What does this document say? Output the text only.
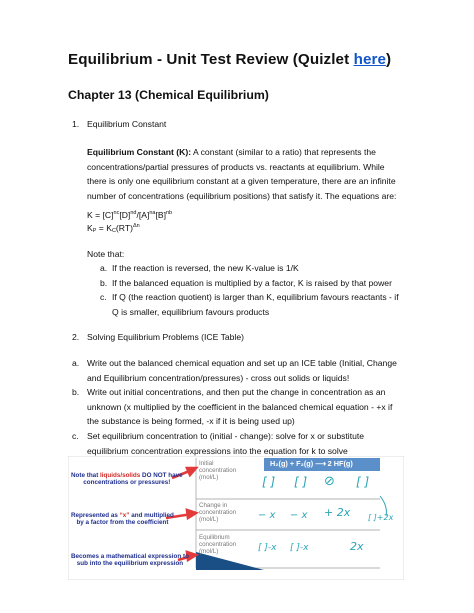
Equilibrium - Unit Test Review (Quizlet here)
Chapter 13 (Chemical Equilibrium)
1. Equilibrium Constant
Equilibrium Constant (K): A constant (similar to a ratio) that represents the
concentrations/partial pressures of products vs. reactants at equilibrium. While
there is only one equilibrium constant at a given temperature, there are an infinite
number of concentrations (equilibrium positions) that satisfy it. The equations are:
$K = [C]^{nc}[D]^{nd}/[A]^{na}[B]^{nb}$
$K_P = K_C(RT)^{\Delta n}$
Note that:
a. If the reaction is reversed, the new K-value is 1/K
b. If the balanced equation is multiplied by a factor, K is raised by that power
c. If Q (the reaction quotient) is larger than K, equilibrium favours reactants - if
Q is smaller, equilibrium favours products
2. Solving Equilibrium Problems (ICE Table)
a. Write out the balanced chemical equation and set up an ICE table (Initial, Change
and Equilibrium concentration/pressures) - cross out solids or liquids!
b. Write out initial concentrations, and then put the change in concentration as an
unknown (x multiplied by the coefficient in the balanced chemical equation - +x if
the substance is being formed, -x if it is being used up)
c. Set equilibrium concentration to (initial - change): solve for x or substitute
equilibrium concentration expressions into the equation for k to solve
H₂(g) + F₂(g) ⟶ 2 HF(g)
Initial
concentration
(mol/L)
Change in
concentration
(mol/L)
Equilibrium
concentration
(mol/L)
Note that liquids/solids DO NOT have
concentrations or pressures!
Represented as “x” and multiplied
by a factor from the coefficient
Becomes a mathematical expression to
sub into the equilibrium expression
[ ] [ ] ⊘ [ ]
− x − x + 2x [ ]+2x
[ ]-x [ ]-x	2x
